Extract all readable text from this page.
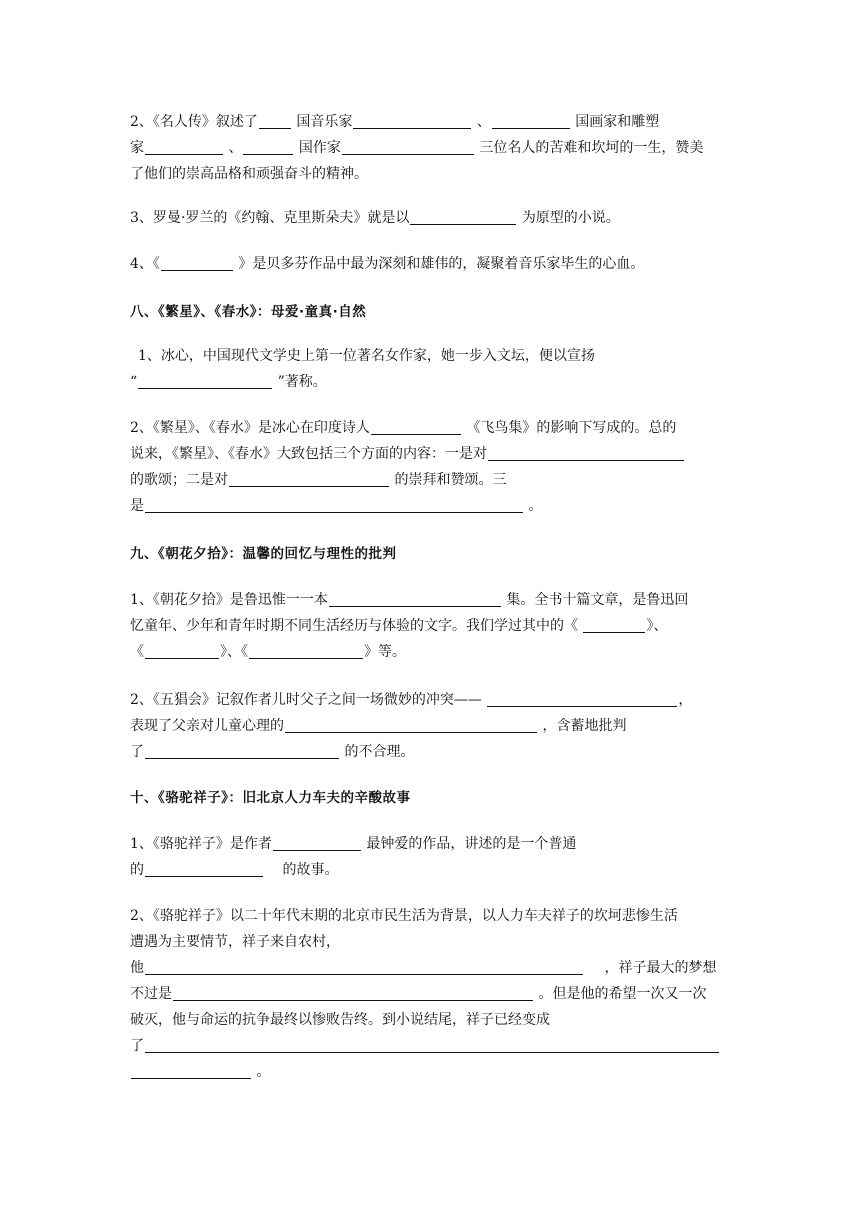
2、《名人传》叙述了	国音乐家	、	国画家和雕塑
家	、	国作家	三位名人的苦难和坎坷的一生，赞美
了他们的崇高品格和顽强奋斗的精神。
3、罗曼·罗兰的《约翰、克里斯朵夫》就是以	为原型的小说。
4、《	》是贝多芬作品中最为深刻和雄伟的，凝聚着音乐家毕生的心血。
八、《繁星》、《春水》：母爱·童真·自然
1、冰心，中国现代文学史上第一位著名女作家，她一步入文坛，便以宣扬
“	”著称。
2、《繁星》、《春水》是冰心在印度诗人	《飞鸟集》的影响下写成的。总的
说来，《繁星》、《春水》大致包括三个方面的内容：一是对
的歌颂；二是对	的崇拜和赞颂。三
是	。
九、《朝花夕拾》：温馨的回忆与理性的批判
1、《朝花夕拾》是鲁迅惟一一本	集。全书十篇文章，是鲁迅回
忆童年、少年和青年时期不同生活经历与体验的文字。我们学过其中的《	》、
《	》、《	》等。
2、《五猖会》记叙作者儿时父子之间一场微妙的冲突——	，
表现了父亲对儿童心理的	，含蓄地批判
了	的不合理。
十、《骆驼祥子》：旧北京人力车夫的辛酸故事
1、《骆驼祥子》是作者	最钟爱的作品，讲述的是一个普通
的	的故事。
2、《骆驼祥子》以二十年代末期的北京市民生活为背景，以人力车夫祥子的坎坷悲惨生活
遭遇为主要情节，祥子来自农村，
他	，祥子最大的梦想
不过是	。但是他的希望一次又一次
破灭，他与命运的抗争最终以惨败告终。到小说结尾，祥子已经变成
了
。
